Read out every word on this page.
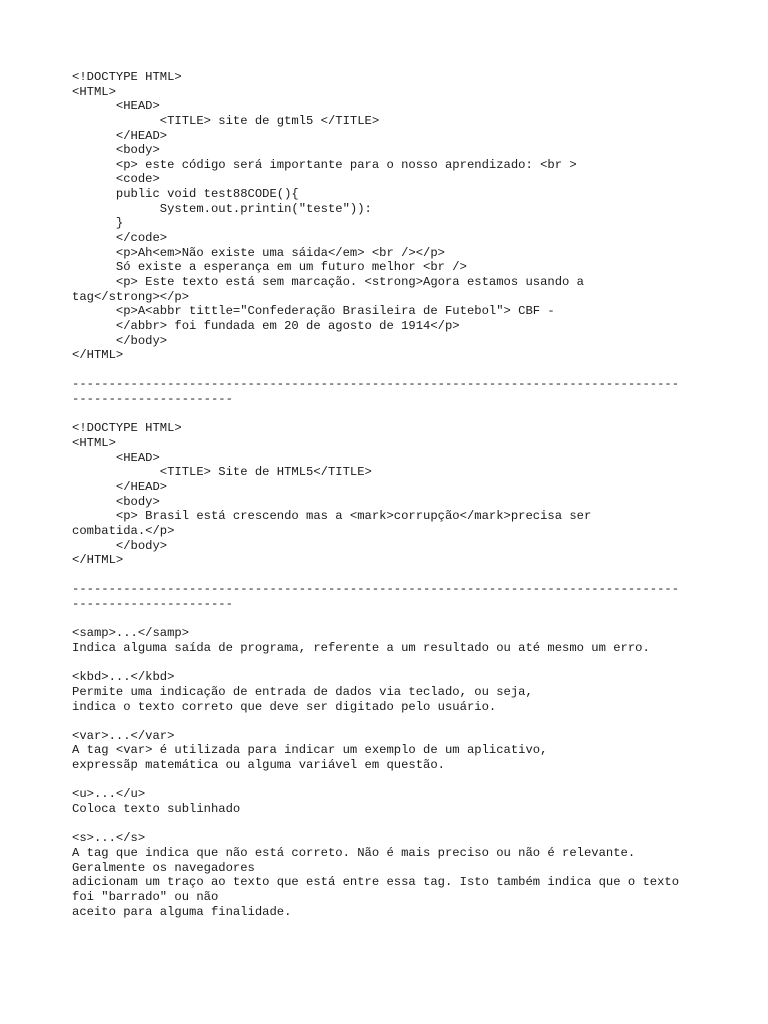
<!DOCTYPE HTML>
<HTML>
<HEAD>
<TITLE> site de gtml5 </TITLE>
</HEAD>
<body>
<p> este código será importante para o nosso aprendizado: <br >
<code>
public void test88CODE(){
System.out.printin("teste")):
}
</code>
<p>Ah<em>Não existe uma sáida</em> <br /></p>
Só existe a esperança em um futuro melhor <br />
<p> Este texto está sem marcação. <strong>Agora estamos usando a
tag</strong></p>
<p>A<abbr tittle="Confederação Brasileira de Futebol"> CBF -
</abbr> foi fundada em 20 de agosto de 1914</p>
</body>
</HTML>
-----------------------------------------------------------------------------------
----------------------
<!DOCTYPE HTML>
<HTML>
<HEAD>
<TITLE> Site de HTML5</TITLE>
</HEAD>
<body>
<p> Brasil está crescendo mas a <mark>corrupção</mark>precisa ser
combatida.</p>
</body>
</HTML>
-----------------------------------------------------------------------------------
----------------------
<samp>...</samp>
Indica alguma saída de programa, referente a um resultado ou até mesmo um erro.
<kbd>...</kbd>
Permite uma indicação de entrada de dados via teclado, ou seja,
indica o texto correto que deve ser digitado pelo usuário.
<var>...</var>
A tag <var> é utilizada para indicar um exemplo de um aplicativo,
expressãp matemática ou alguma variável em questão.
<u>...</u>
Coloca texto sublinhado
<s>...</s>
A tag que indica que não está correto. Não é mais preciso ou não é relevante.
Geralmente os navegadores
adicionam um traço ao texto que está entre essa tag. Isto também indica que o texto
foi "barrado" ou não
aceito para alguma finalidade.
